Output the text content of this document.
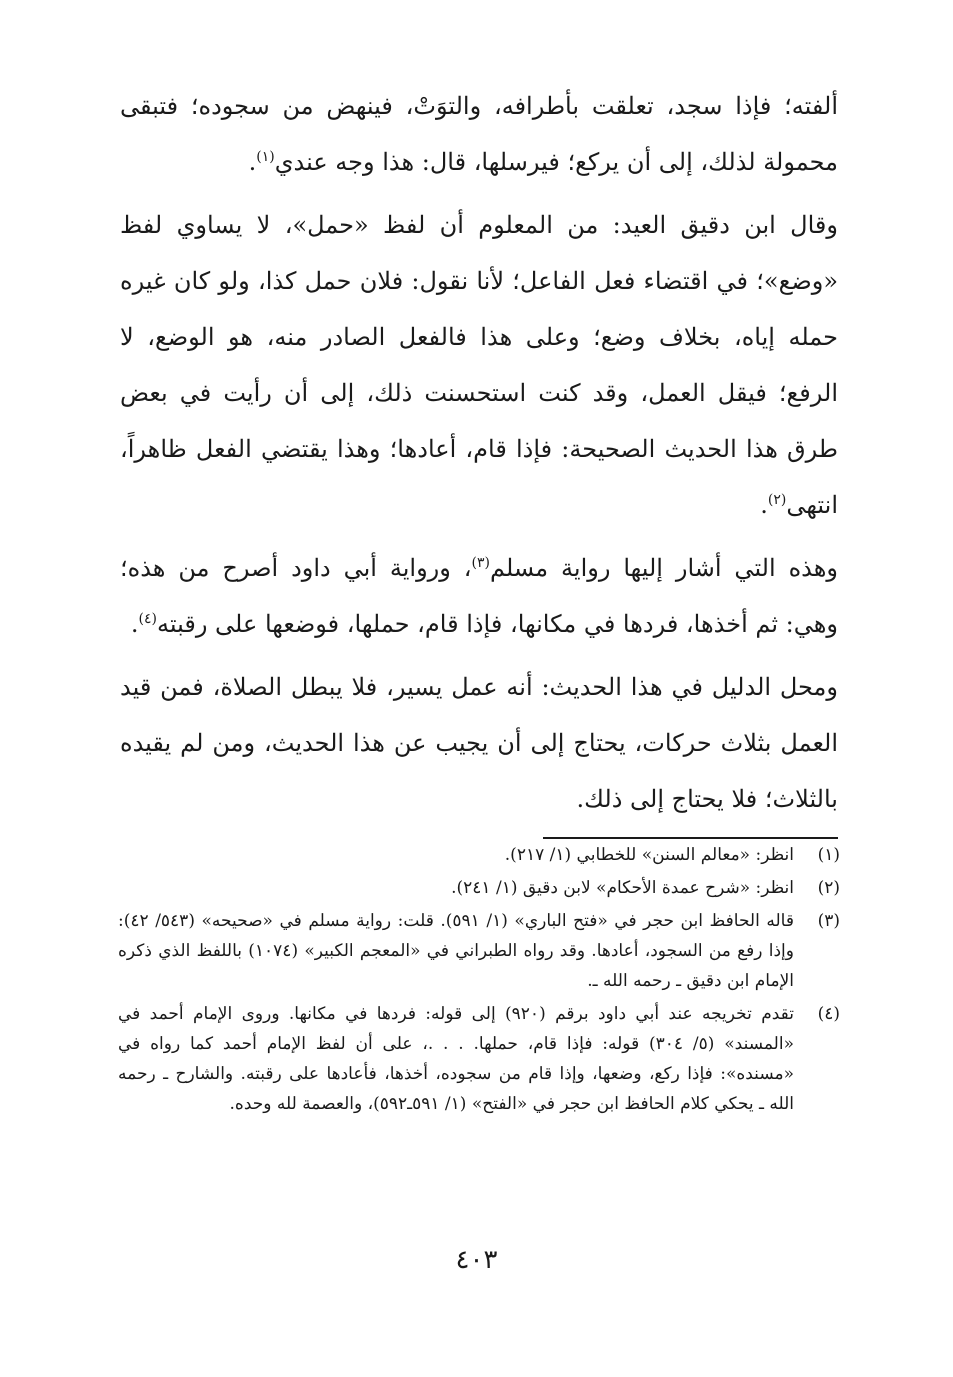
ألفته؛ فإذا سجد، تعلقت بأطرافه، والتوَتْ، فينهض من سجوده؛ فتبقى محمولة لذلك، إلى أن يركع؛ فيرسلها، قال: هذا وجه عندي$^{(١)}$.

وقال ابن دقيق العيد: من المعلوم أن لفظ «حمل»، لا يساوي لفظ «وضع»؛ في اقتضاء فعل الفاعل؛ لأنا نقول: فلان حمل كذا، ولو كان غيره حمله إياه، بخلاف وضع؛ وعلى هذا فالفعل الصادر منه، هو الوضع، لا الرفع؛ فيقل العمل، وقد كنت استحسنت ذلك، إلى أن رأيت في بعض طرق هذا الحديث الصحيحة: فإذا قام، أعادها؛ وهذا يقتضي الفعل ظاهراً، انتهى$^{(٢)}$.

وهذه التي أشار إليها رواية مسلم$^{(٣)}$، ورواية أبي داود أصرح من هذه؛ وهي: ثم أخذها، فردها في مكانها، فإذا قام، حملها، فوضعها على رقبته$^{(٤)}$.

ومحل الدليل في هذا الحديث: أنه عمل يسير، فلا يبطل الصلاة، فمن قيد العمل بثلاث حركات، يحتاج إلى أن يجيب عن هذا الحديث، ومن لم يقيده بالثلاث؛ فلا يحتاج إلى ذلك.

(١)
انظر: «معالم السنن» للخطابي (١/ ٢١٧).
(٢)
انظر: «شرح عمدة الأحكام» لابن دقيق (١/ ٢٤١).
(٣)
قاله الحافظ ابن حجر في «فتح الباري» (١/ ٥٩١). قلت: رواية مسلم في «صحيحه» (٥٤٣/ ٤٢): وإذا رفع من السجود، أعادها. وقد رواه الطبراني في «المعجم الكبير» (١٠٧٤) باللفظ الذي ذكره الإمام ابن دقيق ـ رحمه الله ـ.
(٤)
تقدم تخريجه عند أبي داود برقم (٩٢٠) إلى قوله: فردها في مكانها. وروى الإمام أحمد في «المسند» (٥/ ٣٠٤) قوله: فإذا قام، حملها. . . .، على أن لفظ الإمام أحمد كما رواه في «مسنده»: فإذا ركع، وضعها، وإذا قام من سجوده، أخذها، فأعادها على رقبته. والشارح ـ رحمه الله ـ يحكي كلام الحافظ ابن حجر في «الفتح» (١/ ٥٩١ـ٥٩٢)، والعصمة لله وحده.
٤٠٣
